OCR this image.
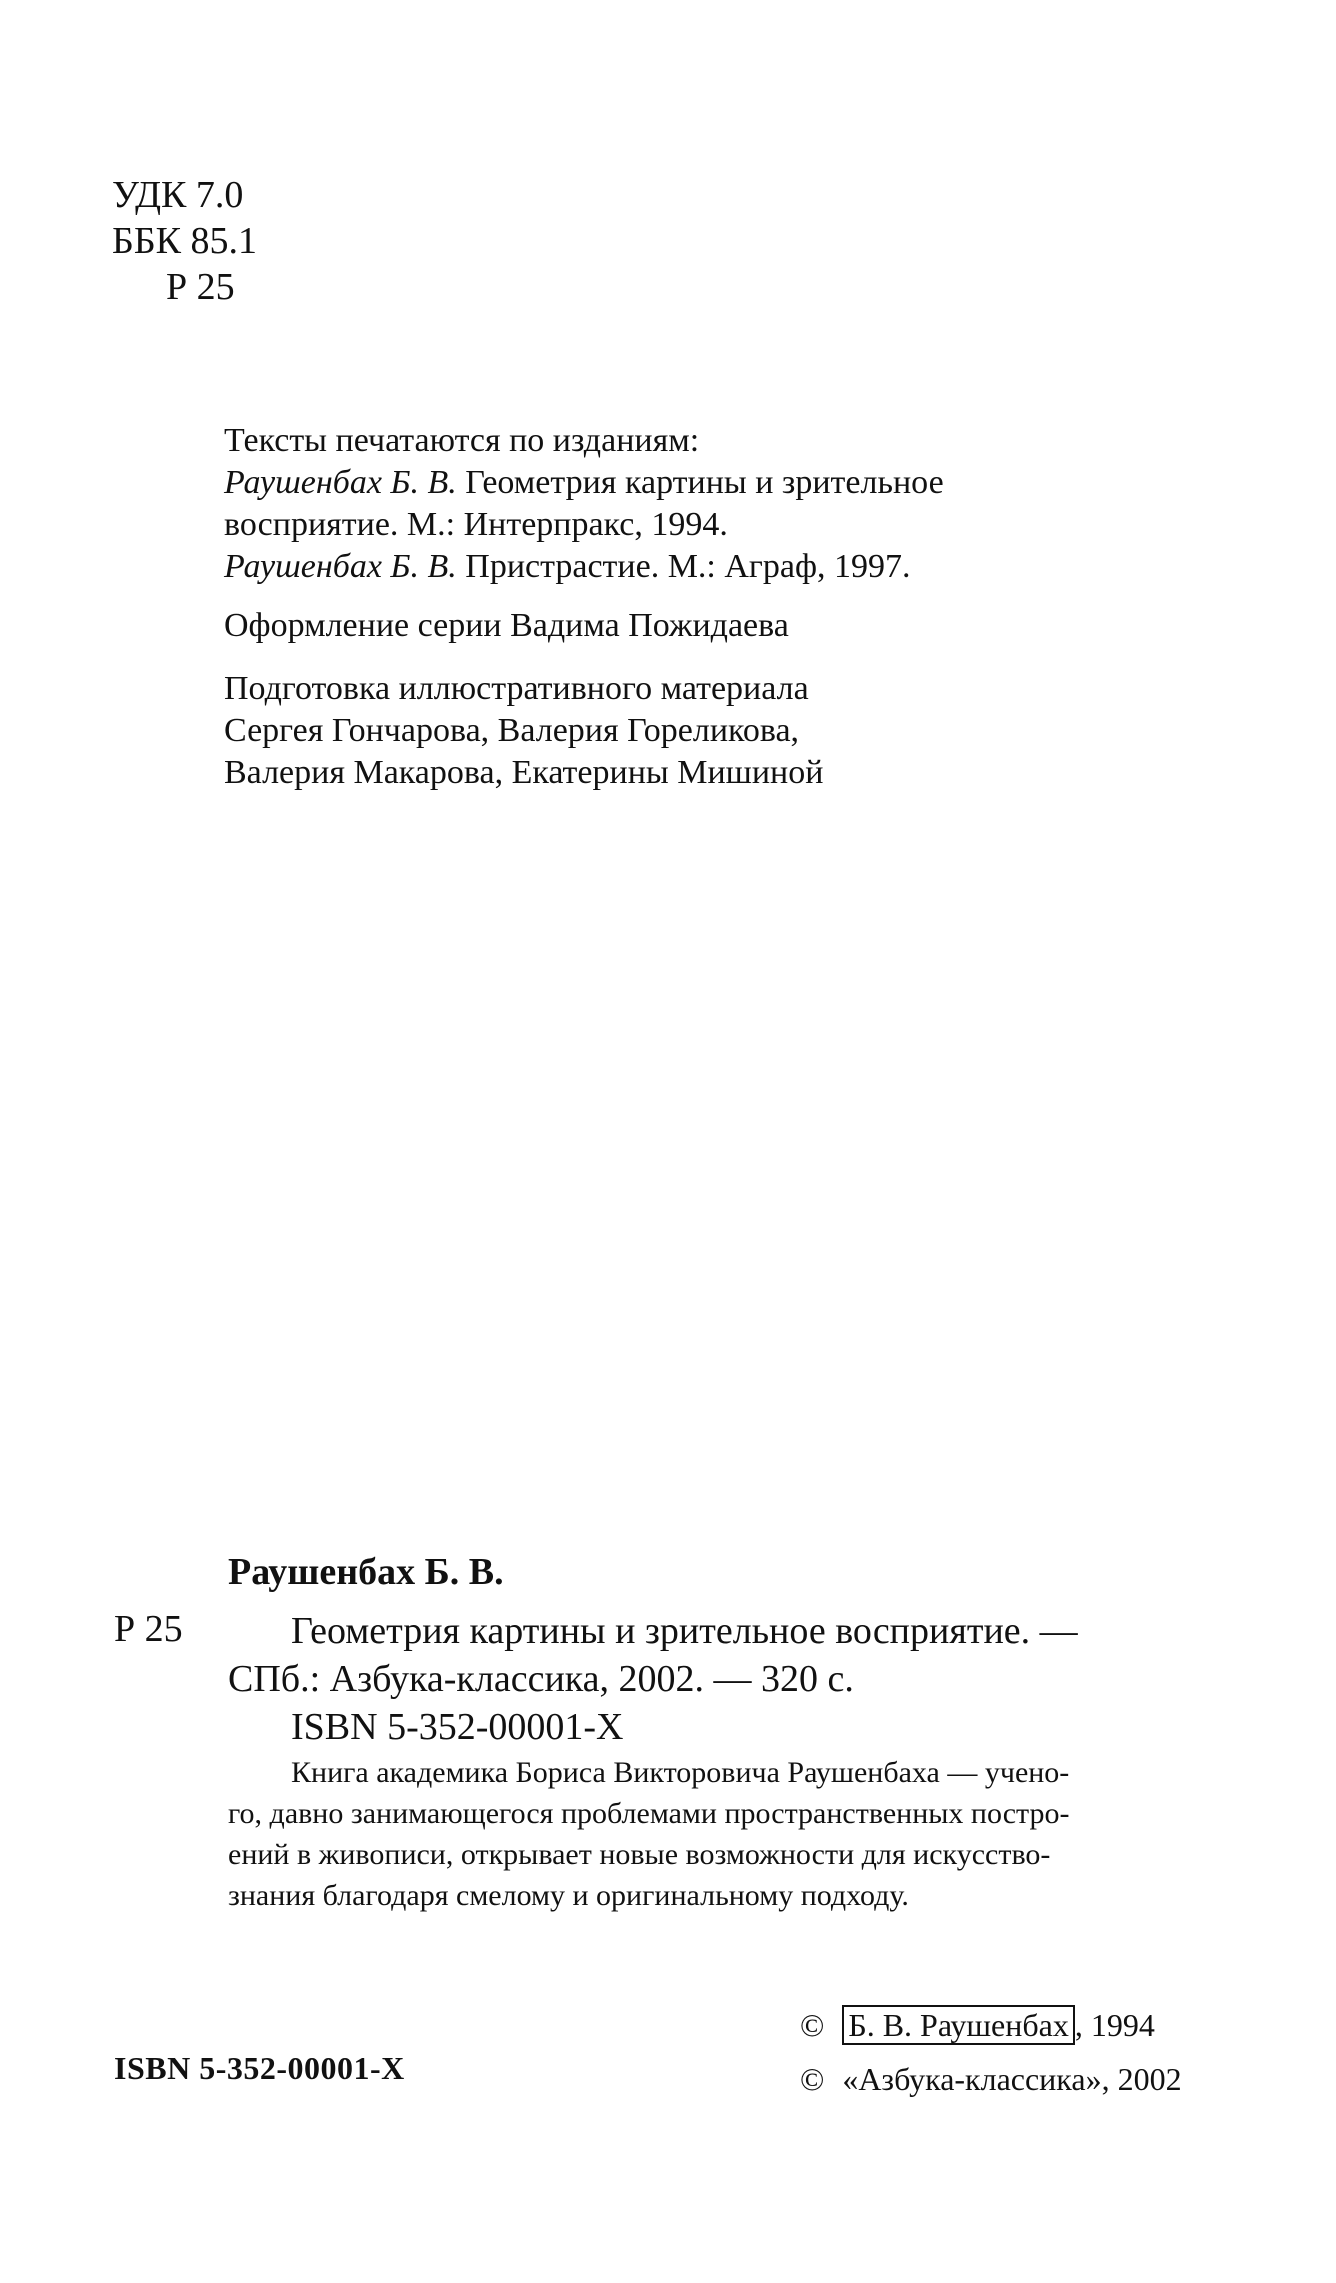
УДК 7.0
ББК 85.1
Р 25
Тексты печатаются по изданиям:
Раушенбах Б. В. Геометрия картины и зрительное
восприятие. М.: Интерпракс, 1994.
Раушенбах Б. В. Пристрастие. М.: Аграф, 1997.
Оформление серии Вадима Пожидаева
Подготовка иллюстративного материала
Сергея Гончарова, Валерия Гореликова,
Валерия Макарова, Екатерины Мишиной
Раушенбах Б. В.
Р 25	Геометрия картины и зрительное восприятие. —
СПб.: Азбука-классика, 2002. — 320 с.
ISBN 5-352-00001-X
Книга академика Бориса Викторовича Раушенбаха — учено-
го, давно занимающегося проблемами пространственных постро-
ений в живописи, открывает новые возможности для искусство-
знания благодаря смелому и оригинальному подходу.
ISBN 5-352-00001-X
© Б. В. Раушенбах , 1994
© «Азбука-классика», 2002
